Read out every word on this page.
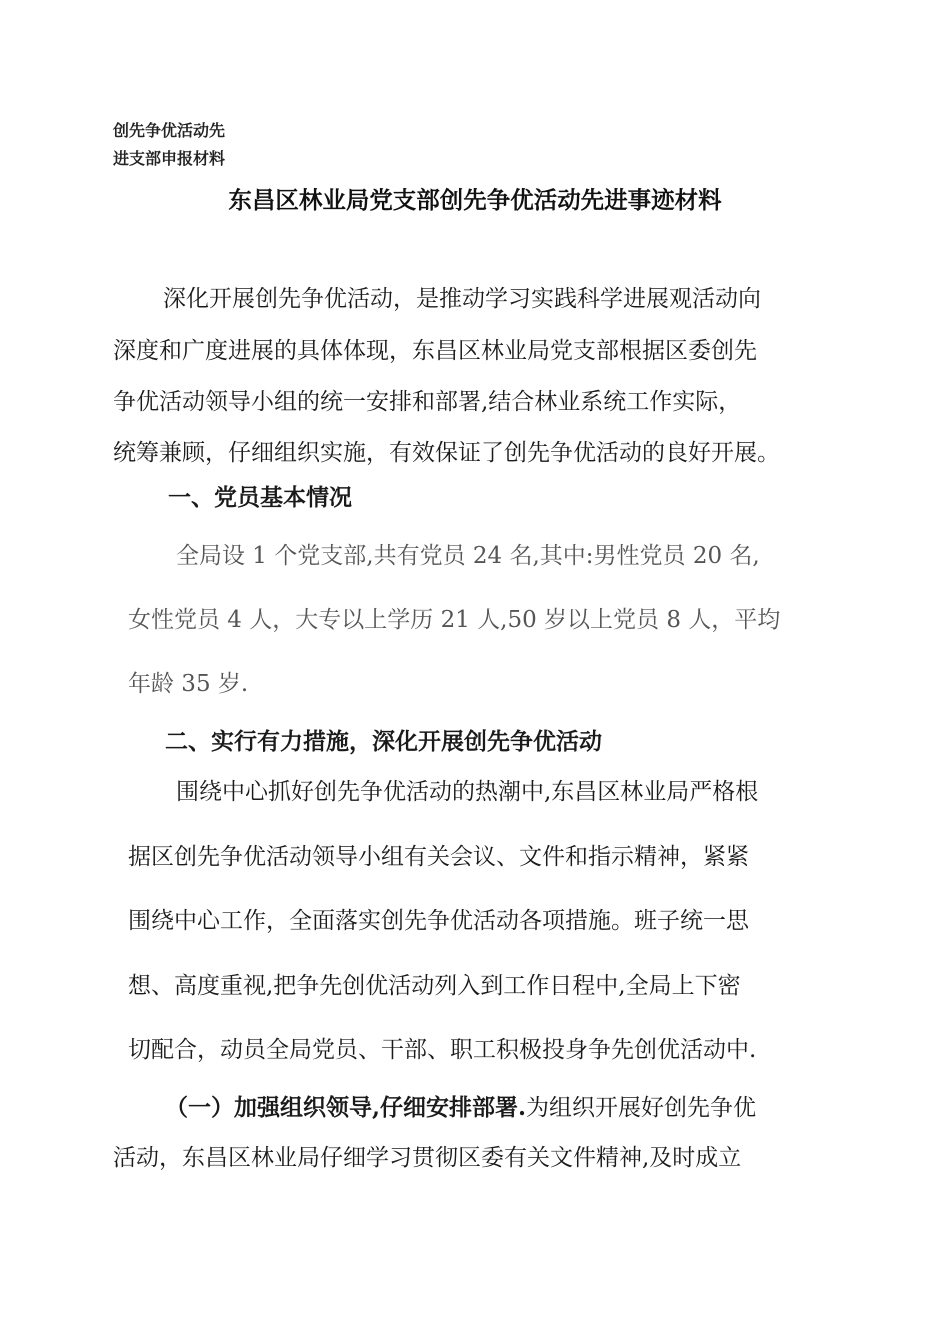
创先争优活动先

进支部申报材料

东昌区林业局党支部创先争优活动先进事迹材料

深化开展创先争优活动，是推动学习实践科学进展观活动向

深度和广度进展的具体体现，东昌区林业局党支部根据区委创先

争优活动领导小组的统一安排和部署,结合林业系统工作实际，

统筹兼顾，仔细组织实施，有效保证了创先争优活动的良好开展。

一、党员基本情况

全局设 1 个党支部,共有党员 24 名,其中:男性党员 20 名,

女性党员 4 人，大专以上学历 21 人,50 岁以上党员 8 人，平均

年龄 35 岁.

二、实行有力措施，深化开展创先争优活动

围绕中心抓好创先争优活动的热潮中,东昌区林业局严格根

据区创先争优活动领导小组有关会议、文件和指示精神，紧紧

围绕中心工作，全面落实创先争优活动各项措施。班子统一思

想、高度重视,把争先创优活动列入到工作日程中,全局上下密

切配合，动员全局党员、干部、职工积极投身争先创优活动中.

（一）加强组织领导,仔细安排部署.为组织开展好创先争优

活动，东昌区林业局仔细学习贯彻区委有关文件精神,及时成立
